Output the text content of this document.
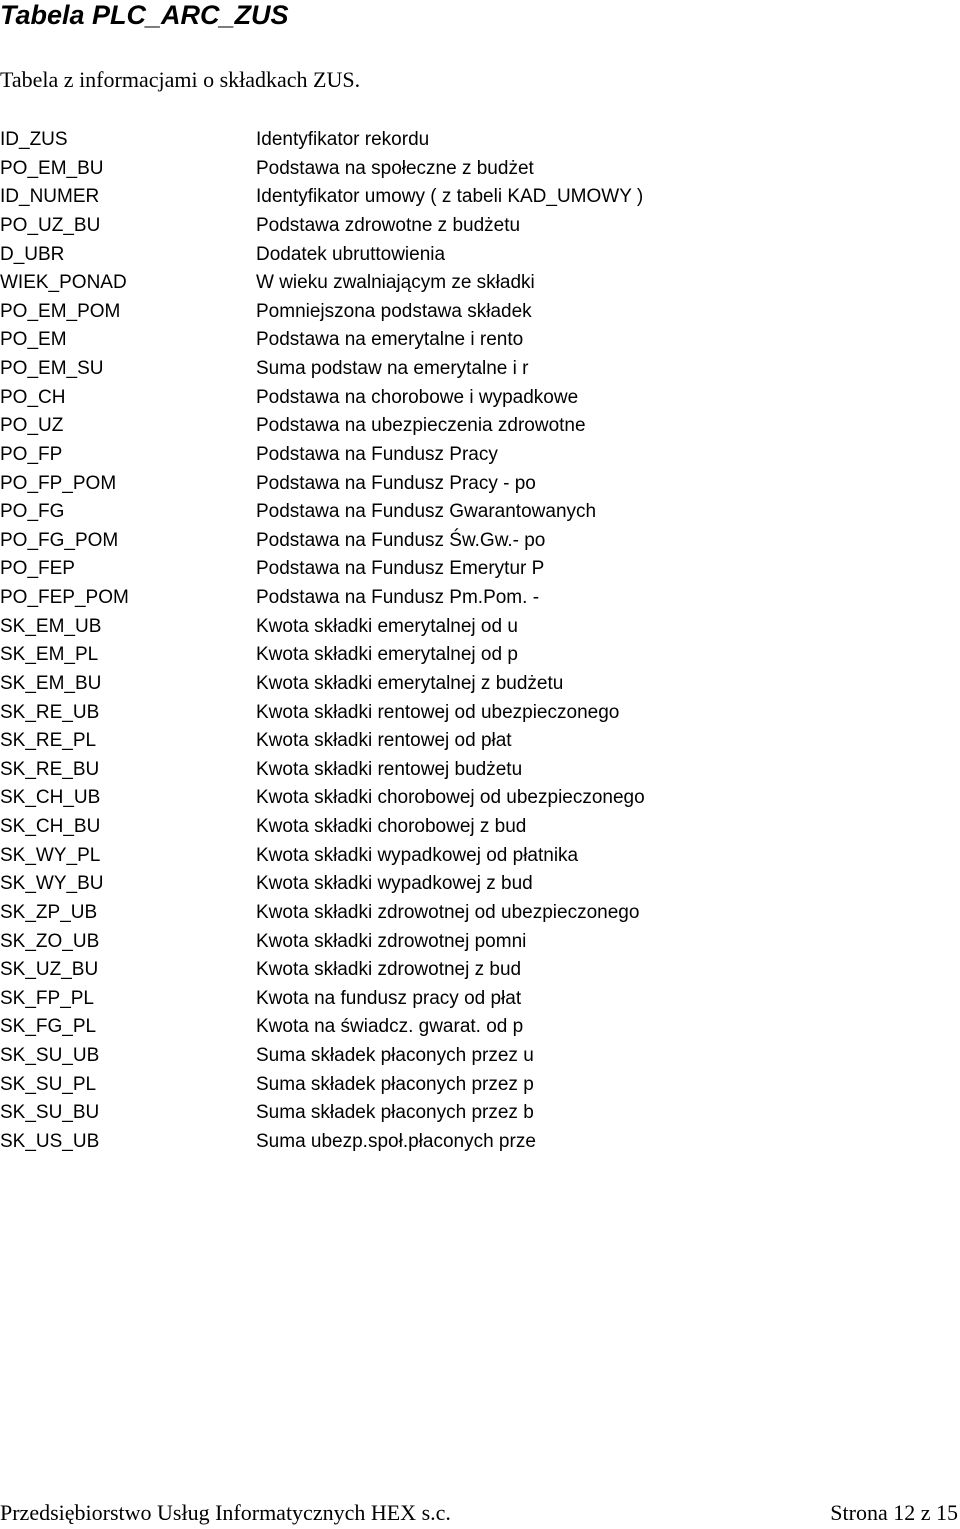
Tabela PLC_ARC_ZUS

Tabela z informacjami o składkach ZUS.

ID_ZUS	Identyfikator rekordu
PO_EM_BU	Podstawa na społeczne z budżet
ID_NUMER	Identyfikator umowy ( z tabeli KAD_UMOWY )
PO_UZ_BU	Podstawa zdrowotne z budżetu
D_UBR	Dodatek ubruttowienia
WIEK_PONAD	W wieku zwalniającym ze składki
PO_EM_POM	Pomniejszona podstawa składek
PO_EM	Podstawa na emerytalne i rento
PO_EM_SU	Suma podstaw na emerytalne i r
PO_CH	Podstawa na chorobowe i wypadkowe
PO_UZ	Podstawa na ubezpieczenia zdrowotne
PO_FP	Podstawa na Fundusz Pracy
PO_FP_POM	Podstawa na Fundusz Pracy - po
PO_FG	Podstawa na Fundusz Gwarantowanych
PO_FG_POM	Podstawa na Fundusz Św.Gw.- po
PO_FEP	Podstawa na Fundusz Emerytur P
PO_FEP_POM	Podstawa na Fundusz Pm.Pom. -
SK_EM_UB	Kwota składki emerytalnej od u
SK_EM_PL	Kwota składki emerytalnej od p
SK_EM_BU	Kwota składki emerytalnej z budżetu
SK_RE_UB	Kwota składki rentowej od ubezpieczonego
SK_RE_PL	Kwota składki rentowej od płat
SK_RE_BU	Kwota składki rentowej budżetu
SK_CH_UB	Kwota składki chorobowej od ubezpieczonego
SK_CH_BU	Kwota składki chorobowej z bud
SK_WY_PL	Kwota składki wypadkowej od płatnika
SK_WY_BU	Kwota składki wypadkowej z bud
SK_ZP_UB	Kwota składki zdrowotnej od ubezpieczonego
SK_ZO_UB	Kwota składki zdrowotnej pomni
SK_UZ_BU	Kwota składki zdrowotnej z bud
SK_FP_PL	Kwota na fundusz pracy od płat
SK_FG_PL	Kwota na świadcz. gwarat. od p
SK_SU_UB	Suma składek płaconych przez u
SK_SU_PL	Suma składek płaconych przez p
SK_SU_BU	Suma składek płaconych przez b
SK_US_UB	Suma ubezp.społ.płaconych prze
Przedsiębiorstwo Usług Informatycznych HEX s.c.	Strona 12 z 15
